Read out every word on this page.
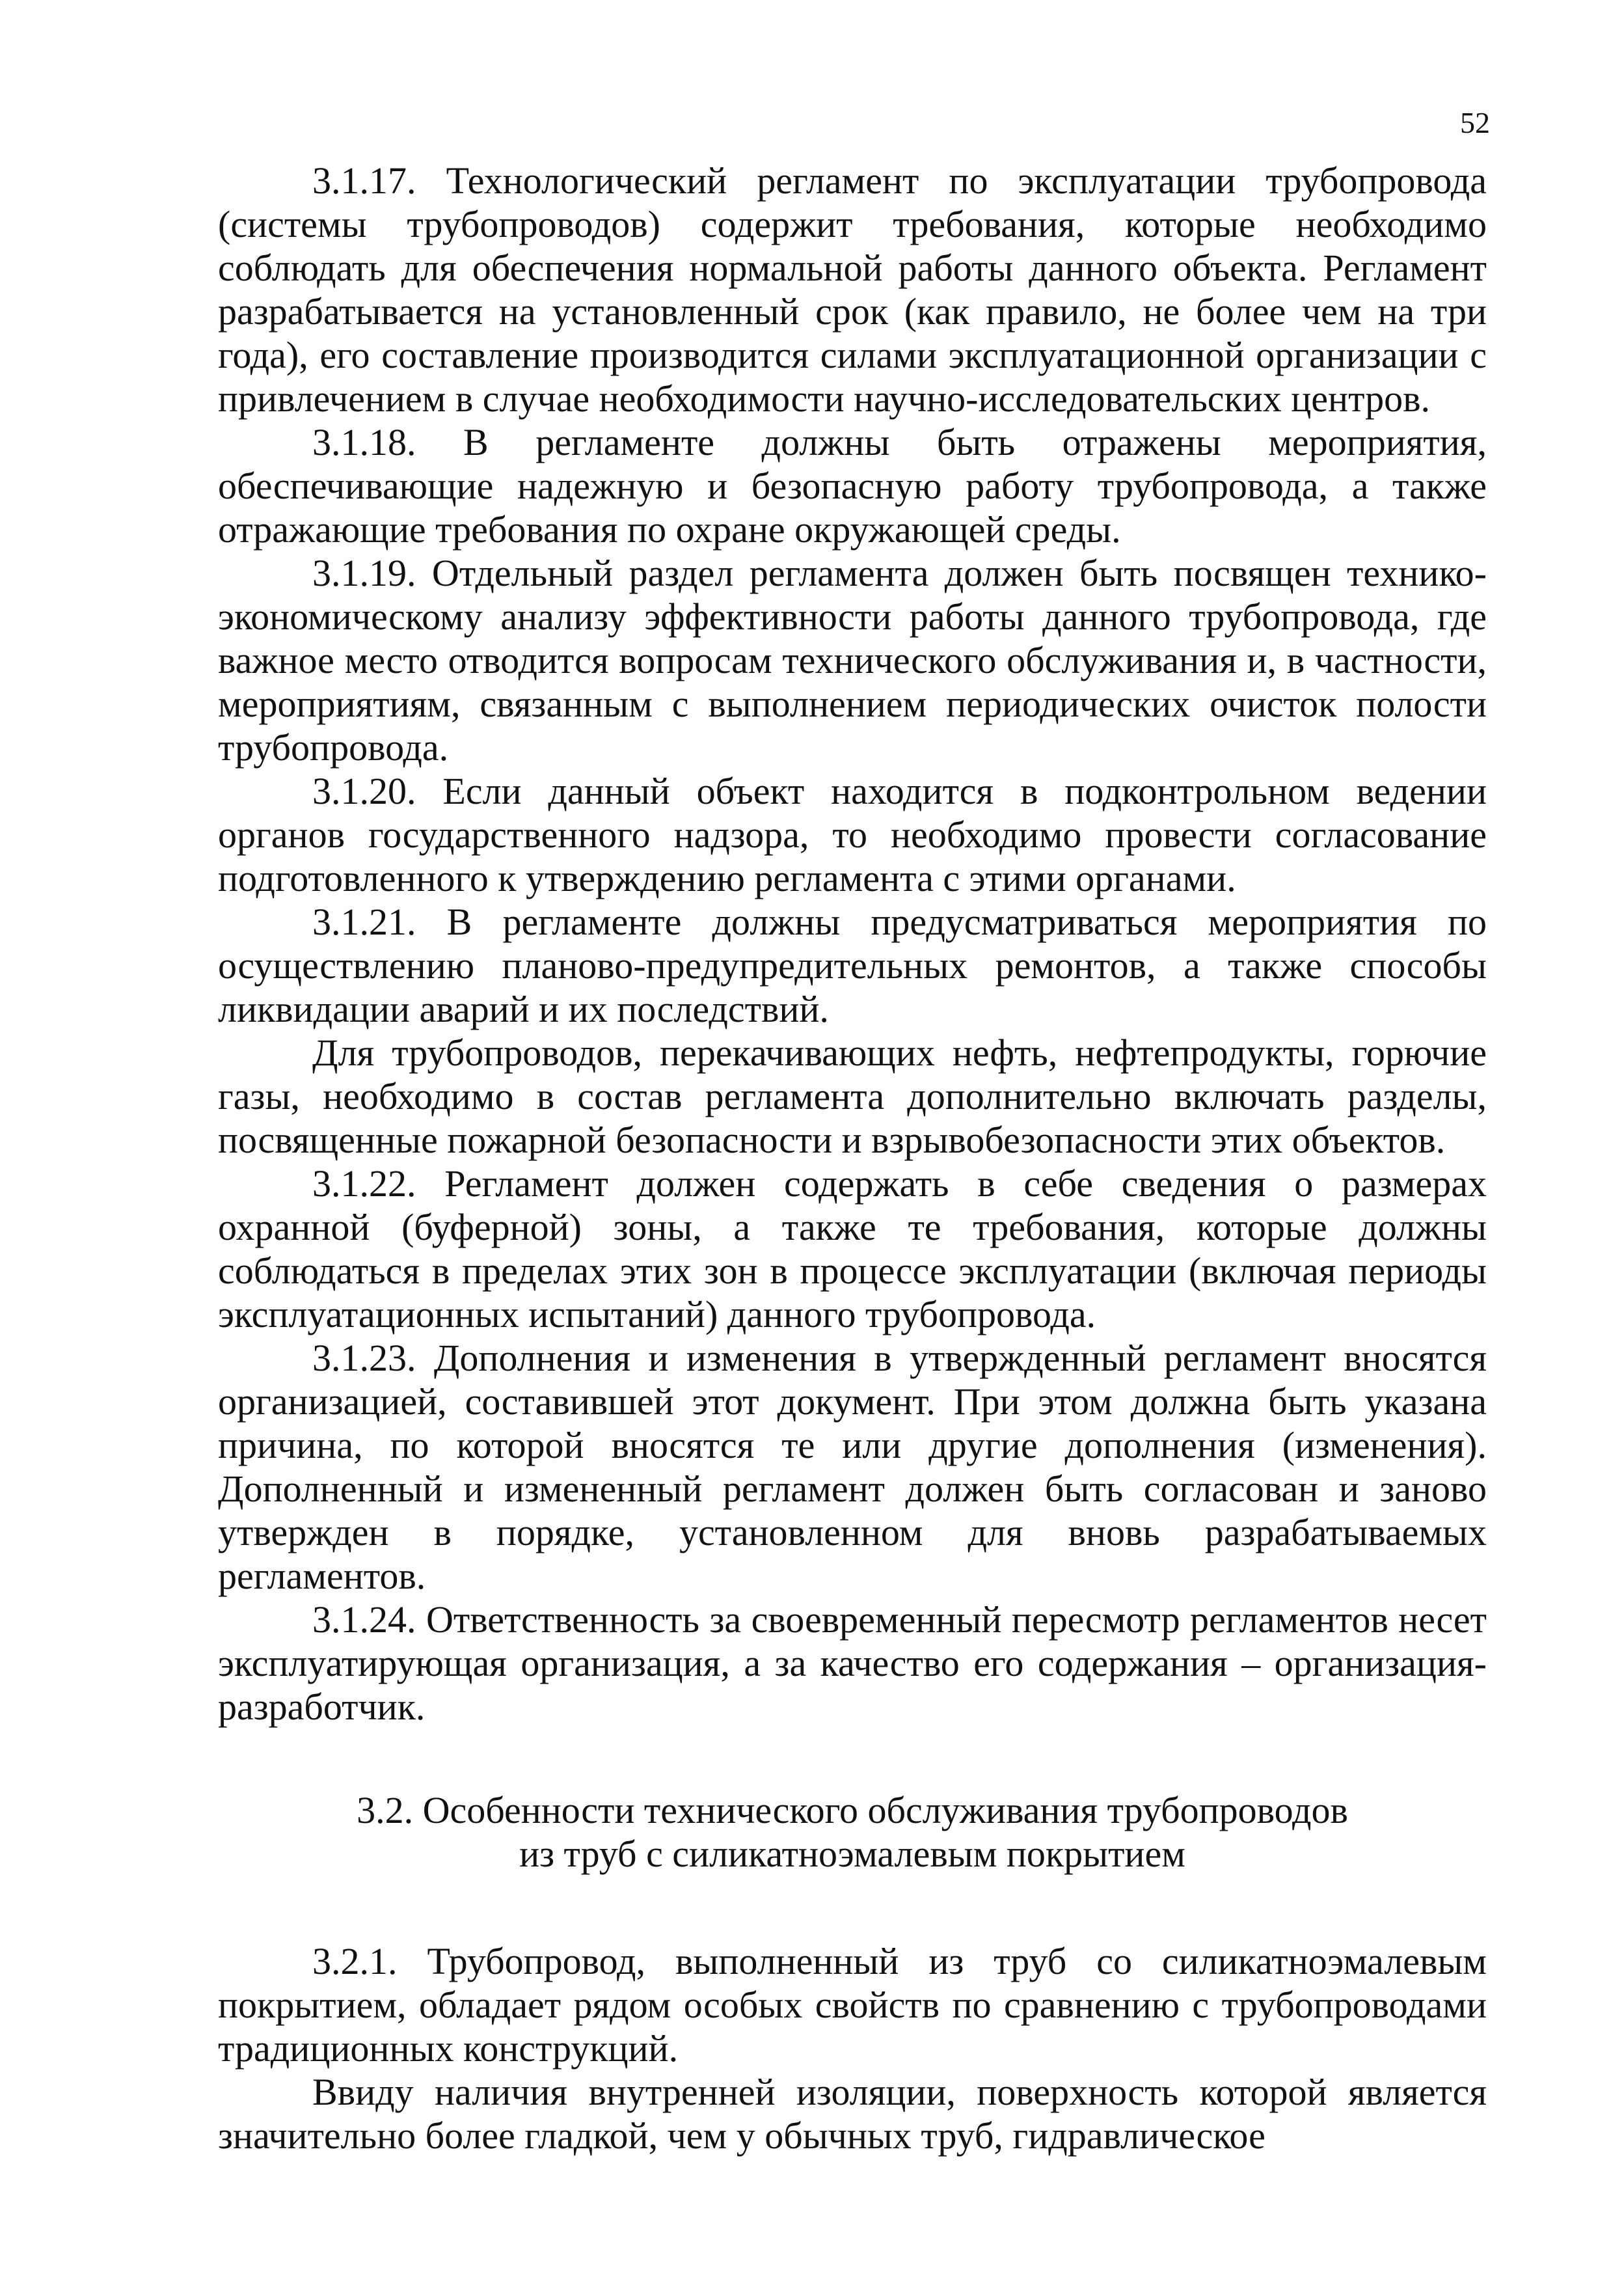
52

3.1.17. Технологический регламент по эксплуатации трубопровода (системы трубопроводов) содержит требования, которые необходимо соблюдать для обеспечения нормальной работы данного объекта. Регламент разрабатывается на установленный срок (как правило, не более чем на три года), его составление производится силами эксплуатационной организации с привлечением в случае необходимости научно-исследовательских центров.

3.1.18. В регламенте должны быть отражены мероприятия, обеспечивающие надежную и безопасную работу трубопровода, а также отражающие требования по охране окружающей среды.

3.1.19. Отдельный раздел регламента должен быть посвящен технико-экономическому анализу эффективности работы данного трубопровода, где важное место отводится вопросам технического обслуживания и, в частности, мероприятиям, связанным с выполнением периодических очисток полости трубопровода.

3.1.20. Если данный объект находится в подконтрольном ведении органов государственного надзора, то необходимо провести согласование подготовленного к утверждению регламента с этими органами.

3.1.21. В регламенте должны предусматриваться мероприятия по осуществлению планово-предупредительных ремонтов, а также способы ликвидации аварий и их последствий.

Для трубопроводов, перекачивающих нефть, нефтепродукты, горючие газы, необходимо в состав регламента дополнительно включать разделы, посвященные пожарной безопасности и взрывобезопасности этих объектов.

3.1.22. Регламент должен содержать в себе сведения о размерах охранной (буферной) зоны, а также те требования, которые должны соблюдаться в пределах этих зон в процессе эксплуатации (включая периоды эксплуатационных испытаний) данного трубопровода.

3.1.23. Дополнения и изменения в утвержденный регламент вносятся организацией, составившей этот документ. При этом должна быть указана причина, по которой вносятся те или другие дополнения (изменения). Дополненный и измененный регламент должен быть согласован и заново утвержден в порядке, установленном для вновь разрабатываемых регламентов.

3.1.24. Ответственность за своевременный пересмотр регламентов несет эксплуатирующая организация, а за качество его содержания – организация-разработчик.

3.2. Особенности технического обслуживания трубопроводов
из труб с силикатноэмалевым покрытием

3.2.1. Трубопровод, выполненный из труб со силикатноэмалевым покрытием, обладает рядом особых свойств по сравнению с трубопроводами традиционных конструкций.

Ввиду наличия внутренней изоляции, поверхность которой является значительно более гладкой, чем у обычных труб, гидравлическое
